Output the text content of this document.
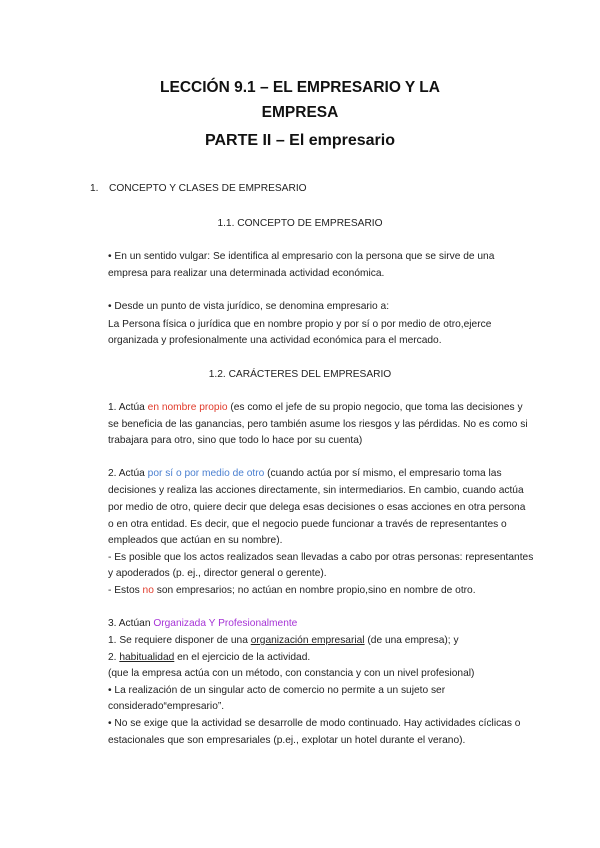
LECCIÓN 9.1 – EL EMPRESARIO Y LA
EMPRESA
PARTE II – El empresario
1. CONCEPTO Y CLASES DE EMPRESARIO
1.1. CONCEPTO DE EMPRESARIO
• En un sentido vulgar: Se identifica al empresario con la persona que se sirve de una
empresa para realizar una determinada actividad económica.
• Desde un punto de vista jurídico, se denomina empresario a:
La Persona física o jurídica que en nombre propio y por sí o por medio de otro,ejerce
organizada y profesionalmente una actividad económica para el mercado.
1.2. CARÁCTERES DEL EMPRESARIO
1. Actúa en nombre propio (es como el jefe de su propio negocio, que toma las decisiones y
se beneficia de las ganancias, pero también asume los riesgos y las pérdidas. No es como si
trabajara para otro, sino que todo lo hace por su cuenta)
2. Actúa por sí o por medio de otro (cuando actúa por sí mismo, el empresario toma las
decisiones y realiza las acciones directamente, sin intermediarios. En cambio, cuando actúa
por medio de otro, quiere decir que delega esas decisiones o esas acciones en otra persona
o en otra entidad. Es decir, que el negocio puede funcionar a través de representantes o
empleados que actúan en su nombre).
- Es posible que los actos realizados sean llevadas a cabo por otras personas: representantes
y apoderados (p. ej., director general o gerente).
- Estos no son empresarios; no actúan en nombre propio,sino en nombre de otro.
3. Actúan Organizada Y Profesionalmente
1. Se requiere disponer de una organización empresarial (de una empresa); y
2. habitualidad en el ejercicio de la actividad.
(que la empresa actúa con un método, con constancia y con un nivel profesional)
• La realización de un singular acto de comercio no permite a un sujeto ser
considerado“empresario”.
• No se exige que la actividad se desarrolle de modo continuado. Hay actividades cíclicas o
estacionales que son empresariales (p.ej., explotar un hotel durante el verano).
